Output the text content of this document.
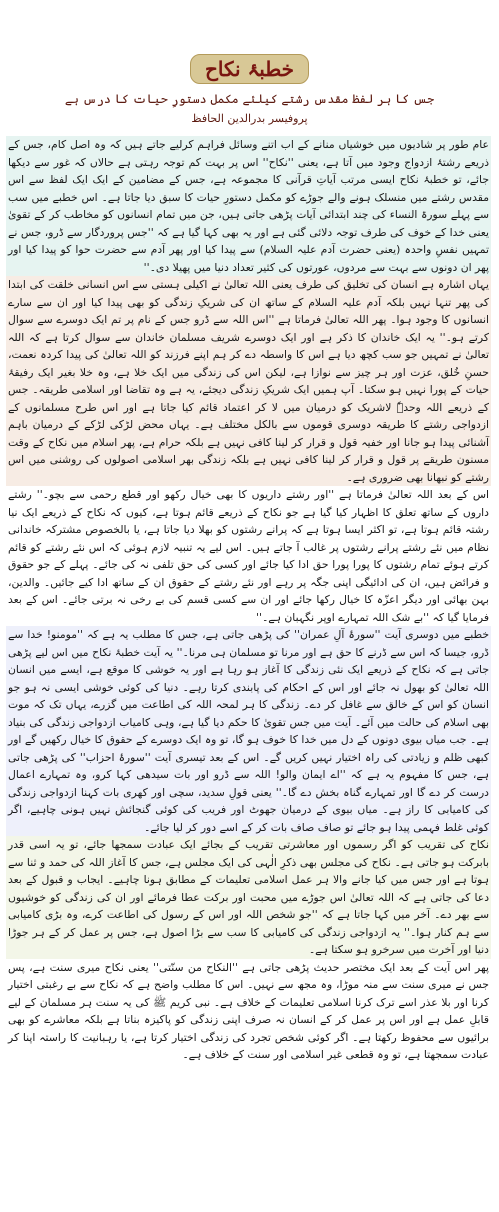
خطبۂ نکاح
جس کا ہر لفظ مقدس رشتے کیلئے مکمل دستورِ حیات کا درس ہے
پروفیسر بدرالدین الحافظ

عام طور پر شادیوں میں خوشیاں منانے کے اب اتنے وسائل فراہم کرلیے جاتے ہیں کہ وہ اصل کام، جس کے ذریعے رشتۂ ازدواج وجود میں آتا ہے، یعنی ''نکاح'' اس پر بہت کم توجہ رہتی ہے حالاں کہ غور سے دیکھا جائے، تو خطبۂ نکاح ایسی مرتب آیاتِ قرآنی کا مجموعہ ہے، جس کے مضامین کے ایک ایک لفظ سے اس مقدس رشتے میں منسلک ہونے والے جوڑے کو مکمل دستورِ حیات کا سبق دیا جاتا ہے۔ اس خطبے میں سب سے پہلے سورۃ النساء کی چند ابتدائی آیات پڑھی جاتی ہیں، جن میں تمام انسانوں کو مخاطب کر کے تقویٰ یعنی خدا کے خوف کی طرف توجہ دلائی گئی ہے اور یہ بھی کہا گیا ہے کہ ''جس پروردگار سے ڈرو، جس نے تمہیں نفسِ واحدہ (یعنی حضرت آدم علیہ السلام) سے پیدا کیا اور پھر آدم سے حضرت حوا کو پیدا کیا اور پھر ان دونوں سے بہت سے مردوں، عورتوں کی کثیر تعداد دنیا میں پھیلا دی۔''

یہاں اشارہ ہے انسان کی تخلیق کی طرف یعنی اللہ تعالیٰ نے اکیلی ہستی سے اس انسانی خلقت کی ابتدا کی پھر تنہا نہیں بلکہ آدم علیہ السلام کے ساتھ ان کی شریکِ زندگی کو بھی پیدا کیا اور ان سے سارے انسانوں کا وجود ہوا۔ پھر اللہ تعالیٰ فرماتا ہے ''اس اللہ سے ڈرو جس کے نام پر تم ایک دوسرے سے سوال کرتے ہو۔'' یہ ایک خاندان کا ذکر ہے اور ایک دوسرے شریف مسلمان خاندان سے سوال کرتا ہے کہ اللہ تعالیٰ نے تمہیں جو سب کچھ دیا ہے اس کا واسطہ دے کر ہم اپنے فرزند کو اللہ تعالیٰ کی پیدا کردہ نعمت، حسنِ خُلق، عزت اور ہر چیز سے نوازا ہے، لیکن اس کی زندگی میں ایک خلا ہے، وہ خلا بغیر ایک رفیقۂ حیات کے پورا نہیں ہو سکتا۔ آپ ہمیں ایک شریکِ زندگی دیجئے، یہ ہے وہ تقاضا اور اسلامی طریقہ۔ جس کے ذریعے اللہ وحدہٗ لاشریک کو درمیان میں لا کر اعتماد قائم کیا جاتا ہے اور اس طرح مسلمانوں کے ازدواجی رشتے کا طریقہ دوسری قوموں سے بالکل مختلف ہے۔ یہاں محض لڑکی لڑکے کے درمیان باہم آشنائی پیدا ہو جانا اور خفیہ قول و قرار کر لینا کافی نہیں ہے بلکہ حرام ہے، پھر اسلام میں نکاح کے وقت مسنون طریقے پر قول و قرار کر لینا کافی نہیں ہے بلکہ زندگی بھر اسلامی اصولوں کی روشنی میں اس رشتے کو نبھانا بھی ضروری ہے۔

اس کے بعد اللہ تعالیٰ فرماتا ہے ''اور رشتے داریوں کا بھی خیال رکھو اور قطع رحمی سے بچو۔'' رشتے داروں کے ساتھ تعلق کا اظہار کیا گیا ہے جو نکاح کے ذریعے قائم ہوتا ہے، کیوں کہ نکاح کے ذریعے ایک نیا رشتہ قائم ہوتا ہے، تو اکثر ایسا ہوتا ہے کہ پرانے رشتوں کو بھلا دیا جاتا ہے، یا بالخصوص مشترکہ خاندانی نظام میں نئے رشتے پرانے رشتوں پر غالب آ جاتے ہیں۔ اس لیے یہ تنبیہ لازم ہوئی کہ اس نئے رشتے کو قائم کرتے ہوئے تمام رشتوں کا پورا پورا حق ادا کیا جائے اور کسی کی حق تلفی نہ کی جائے۔ پہلے کے جو حقوق و فرائض ہیں، ان کی ادائیگی اپنی جگہ پر رہے اور نئے رشتے کے حقوق ان کے ساتھ ادا کیے جائیں۔ والدین، بہن بھائی اور دیگر اعزّہ کا خیال رکھا جائے اور ان سے کسی قسم کی بے رخی نہ برتی جائے۔ اس کے بعد فرمایا گیا کہ ''بے شک اللہ تمہارے اوپر نگہبان ہے۔''

خطبے میں دوسری آیت ''سورۂ آلِ عمران'' کی پڑھی جاتی ہے، جس کا مطلب یہ ہے کہ ''مومنو! خدا سے ڈرو، جیسا کہ اس سے ڈرنے کا حق ہے اور مرنا تو مسلمان ہی مرنا۔'' یہ آیت خطبۂ نکاح میں اس لیے پڑھی جاتی ہے کہ نکاح کے ذریعے ایک نئی زندگی کا آغاز ہو رہا ہے اور یہ خوشی کا موقع ہے، ایسے میں انسان اللہ تعالیٰ کو بھول نہ جائے اور اس کے احکام کی پابندی کرتا رہے۔ دنیا کی کوئی خوشی ایسی نہ ہو جو انسان کو اس کے خالق سے غافل کر دے۔ زندگی کا ہر لمحہ اللہ کی اطاعت میں گزرے، یہاں تک کہ موت بھی اسلام کی حالت میں آئے۔ آیت میں جس تقویٰ کا حکم دیا گیا ہے، وہی کامیاب ازدواجی زندگی کی بنیاد ہے۔ جب میاں بیوی دونوں کے دل میں خدا کا خوف ہو گا، تو وہ ایک دوسرے کے حقوق کا خیال رکھیں گے اور کبھی ظلم و زیادتی کی راہ اختیار نہیں کریں گے۔ اس کے بعد تیسری آیت ''سورۂ احزاب'' کی پڑھی جاتی ہے، جس کا مفہوم یہ ہے کہ ''اے ایمان والو! اللہ سے ڈرو اور بات سیدھی کہا کرو، وہ تمہارے اعمال درست کر دے گا اور تمہارے گناہ بخش دے گا۔'' یعنی قولِ سدید، سچی اور کھری بات کہنا ازدواجی زندگی کی کامیابی کا راز ہے۔ میاں بیوی کے درمیان جھوٹ اور فریب کی کوئی گنجائش نہیں ہونی چاہیے، اگر کوئی غلط فہمی پیدا ہو جائے تو صاف صاف بات کر کے اسے دور کر لیا جائے۔

نکاح کی تقریب کو اگر رسموں اور معاشرتی تقریب کے بجائے ایک عبادت سمجھا جائے، تو یہ اسی قدر بابرکت ہو جاتی ہے۔ نکاح کی مجلس بھی ذکرِ الٰہی کی ایک مجلس ہے، جس کا آغاز اللہ کی حمد و ثنا سے ہوتا ہے اور جس میں کیا جانے والا ہر عمل اسلامی تعلیمات کے مطابق ہونا چاہیے۔ ایجاب و قبول کے بعد دعا کی جاتی ہے کہ اللہ تعالیٰ اس جوڑے میں محبت اور برکت عطا فرمائے اور ان کی زندگی کو خوشیوں سے بھر دے۔ آخر میں کہا جاتا ہے کہ ''جو شخص اللہ اور اس کے رسول کی اطاعت کرے، وہ بڑی کامیابی سے ہم کنار ہوا۔'' یہ ازدواجی زندگی کی کامیابی کا سب سے بڑا اصول ہے، جس پر عمل کر کے ہر جوڑا دنیا اور آخرت میں سرخرو ہو سکتا ہے۔

پھر اس آیت کے بعد ایک مختصر حدیث پڑھی جاتی ہے ''النکاح من سنّتی'' یعنی نکاح میری سنت ہے، پس جس نے میری سنت سے منہ موڑا، وہ مجھ سے نہیں۔ اس کا مطلب واضح ہے کہ نکاح سے بے رغبتی اختیار کرنا اور بلا عذر اسے ترک کرنا اسلامی تعلیمات کے خلاف ہے۔ نبی کریم ﷺ کی یہ سنت ہر مسلمان کے لیے قابلِ عمل ہے اور اس پر عمل کر کے انسان نہ صرف اپنی زندگی کو پاکیزہ بناتا ہے بلکہ معاشرے کو بھی برائیوں سے محفوظ رکھتا ہے۔ اگر کوئی شخص تجرد کی زندگی اختیار کرتا ہے، یا رہبانیت کا راستہ اپنا کر عبادت سمجھتا ہے، تو وہ قطعی غیر اسلامی اور سنت کے خلاف ہے۔
